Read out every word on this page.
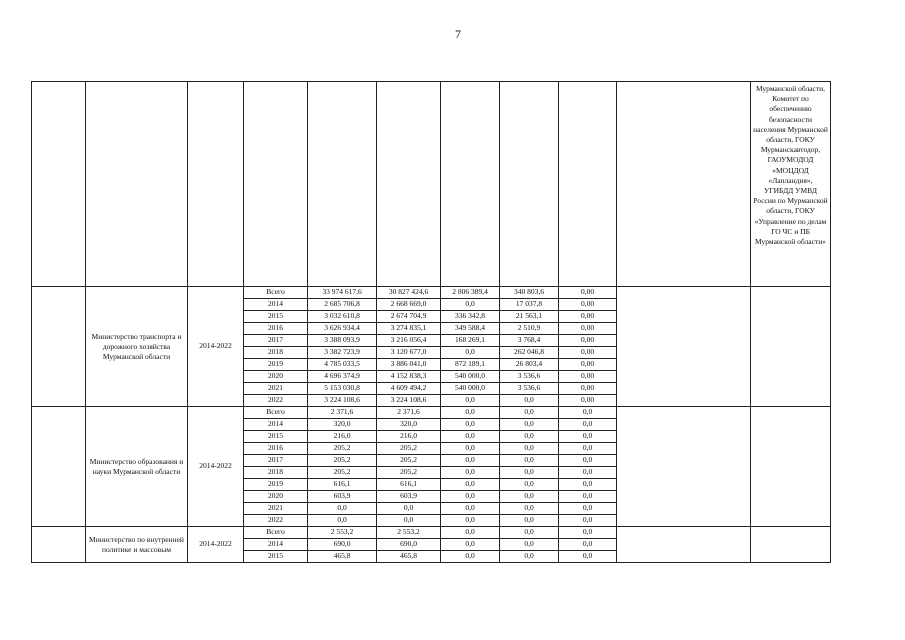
7
										Мурманской области, Комитет по обеспечению безопасности населения Мурманской области, ГОКУ Мурманскавтодор, ГАОУМОДОД «МОЦДОД «Лапландия», УГИБДД УМВД России по Мурманской области, ГОКУ «Управление по делам ГО ЧС и ПБ Мурманской области»
	Министерство транспорта и дорожного хозяйства Мурманской области	2014-2022	Всего	33 974 617,6	30 827 424,6	2 806 389,4	340 803,6	0,00		
			2014	2 685 706,8	2 668 669,0	0,0	17 037,8	0,00		
			2015	3 032 610,8	2 674 704,9	336 342,8	21 563,1	0,00		
			2016	3 626 934,4	3 274 835,1	349 588,4	2 510,9	0,00		
			2017	3 388 093,9	3 216 056,4	168 269,1	3 768,4	0,00		
			2018	3 382 723,9	3 120 677,0	0,0	262 046,8	0,00		
			2019	4 785 033,5	3 886 041,0	872 189,1	26 803,4	0,00		
			2020	4 696 374,9	4 152 838,3	540 000,0	3 536,6	0,00		
			2021	5 153 030,8	4 609 494,2	540 000,0	3 536,6	0,00		
			2022	3 224 108,6	3 224 108,6	0,0	0,0	0,00		
	Министерство образования и науки Мурманской области	2014-2022	Всего	2 371,6	2 371,6	0,0	0,0	0,0		
			2014	320,0	320,0	0,0	0,0	0,0		
			2015	216,0	216,0	0,0	0,0	0,0		
			2016	205,2	205,2	0,0	0,0	0,0		
			2017	205,2	205,2	0,0	0,0	0,0		
			2018	205,2	205,2	0,0	0,0	0,0		
			2019	616,1	616,1	0,0	0,0	0,0		
			2020	603,9	603,9	0,0	0,0	0,0		
			2021	0,0	0,0	0,0	0,0	0,0		
			2022	0,0	0,0	0,0	0,0	0,0		
	Министерство по внутренней политике и массовым	2014-2022	Всего	2 553,2	2 553,2	0,0	0,0	0,0		
			2014	690,0	690,0	0,0	0,0	0,0		
			2015	465,8	465,8	0,0	0,0	0,0		
